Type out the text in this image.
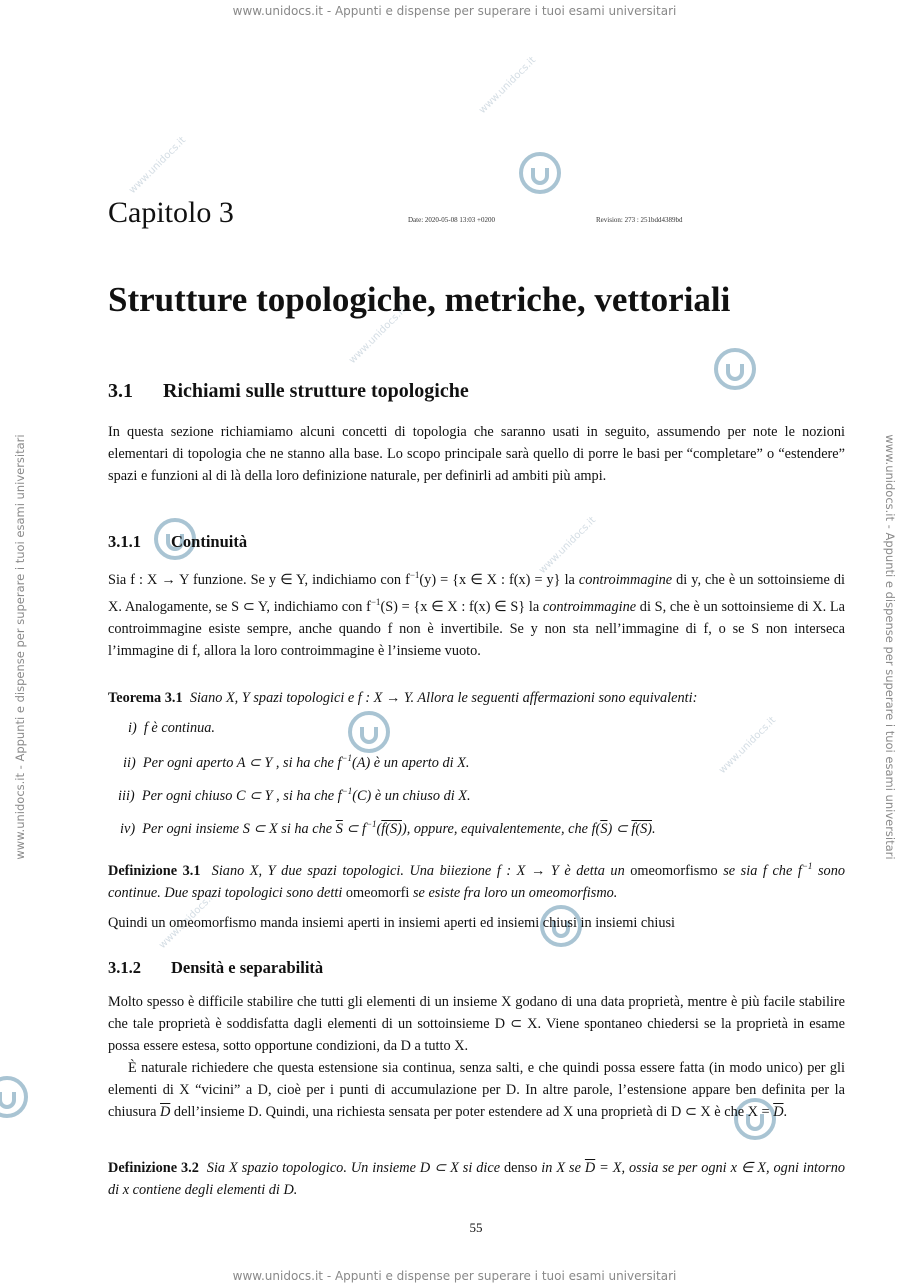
www.unidocs.it - Appunti e dispense per superare i tuoi esami universitari
www.unidocs.it - Appunti e dispense per superare i tuoi esami universitari
www.unidocs.it - Appunti e dispense per superare i tuoi esami universitari	www.unidocs.it - Appunti e dispense per superare i tuoi esami universitari
www.unidocs.it
www.unidocs.it
www.unidocs.it
www.unidocs.it
www.unidocs.it
www.unidocs.it
Capitolo 3	Date: 2020-05-08 13:03 +0200	Revision: 273 : 251bdd4389bd
Strutture topologiche, metriche, vettoriali
3.1 Richiami sulle strutture topologiche
In questa sezione richiamiamo alcuni concetti di topologia che saranno usati in seguito, assumendo per note le nozioni elementari di topologia che ne stanno alla base. Lo scopo principale sarà quello di porre le basi per “completare” o “estendere” spazi e funzioni al di là della loro definizione naturale, per definirli ad ambiti più ampi.
3.1.1 Continuità
Sia f : X → Y funzione. Se y ∈ Y, indichiamo con $f^{-1}(y) = \{x$ ∈ X : f(x) = y} la controimmagine di y, che è un sottoinsieme di X. Analogamente, se S ⊂ Y, indichiamo con $f^{-1}(S) = \{x$ ∈ X : f(x) ∈ S} la controimmagine di S, che è un sottoinsieme di X. La controimmagine esiste sempre, anche quando f non è invertibile. Se y non sta nell’immagine di f, o se S non interseca l’immagine di f, allora la loro controimmagine è l’insieme vuoto.
Teorema 3.1 Siano X, Y spazi topologici e f : X → Y. Allora le seguenti affermazioni sono equivalenti:
i) f è continua.
ii) Per ogni aperto A ⊂ Y , si ha che $f^{-1}(A)$ è un aperto di X.
iii) Per ogni chiuso C ⊂ Y , si ha che $f^{-1}(C)$ è un chiuso di X.
iv) Per ogni insieme S ⊂ X si ha che $\overline{S}$ ⊂ $f^{-1}(f(S))$, oppure, equivalentemente, che $f(\overline{S})$ ⊂ f(S).
Definizione 3.1 Siano X, Y due spazi topologici. Una biiezione f : X → Y è detta un omeomorfismo se sia f che $f^{-1}$ sono continue. Due spazi topologici sono detti omeomorfi se esiste fra loro un omeomorfismo.
Quindi un omeomorfismo manda insiemi aperti in insiemi aperti ed insiemi chiusi in insiemi chiusi
3.1.2 Densità e separabilità
Molto spesso è difficile stabilire che tutti gli elementi di un insieme X godano di una data proprietà, mentre è più facile stabilire che tale proprietà è soddisfatta dagli elementi di un sottoinsieme D ⊂ X. Viene spontaneo chiedersi se la proprietà in esame possa essere estesa, sotto opportune condizioni, da D a tutto X.
È naturale richiedere che questa estensione sia continua, senza salti, e che quindi possa essere fatta (in modo unico) per gli elementi di X “vicini” a D, cioè per i punti di accumulazione per D. In altre parole, l’estensione appare ben definita per la chiusura $\overline{D}$ dell’insieme D. Quindi, una richiesta sensata per poter estendere ad X una proprietà di D ⊂ X è che $X = \overline{D}$.
Definizione 3.2 Sia X spazio topologico. Un insieme D ⊂ X si dice denso in X se $\overline{D} = X$, ossia se per ogni x ∈ X, ogni intorno di x contiene degli elementi di D.
55
